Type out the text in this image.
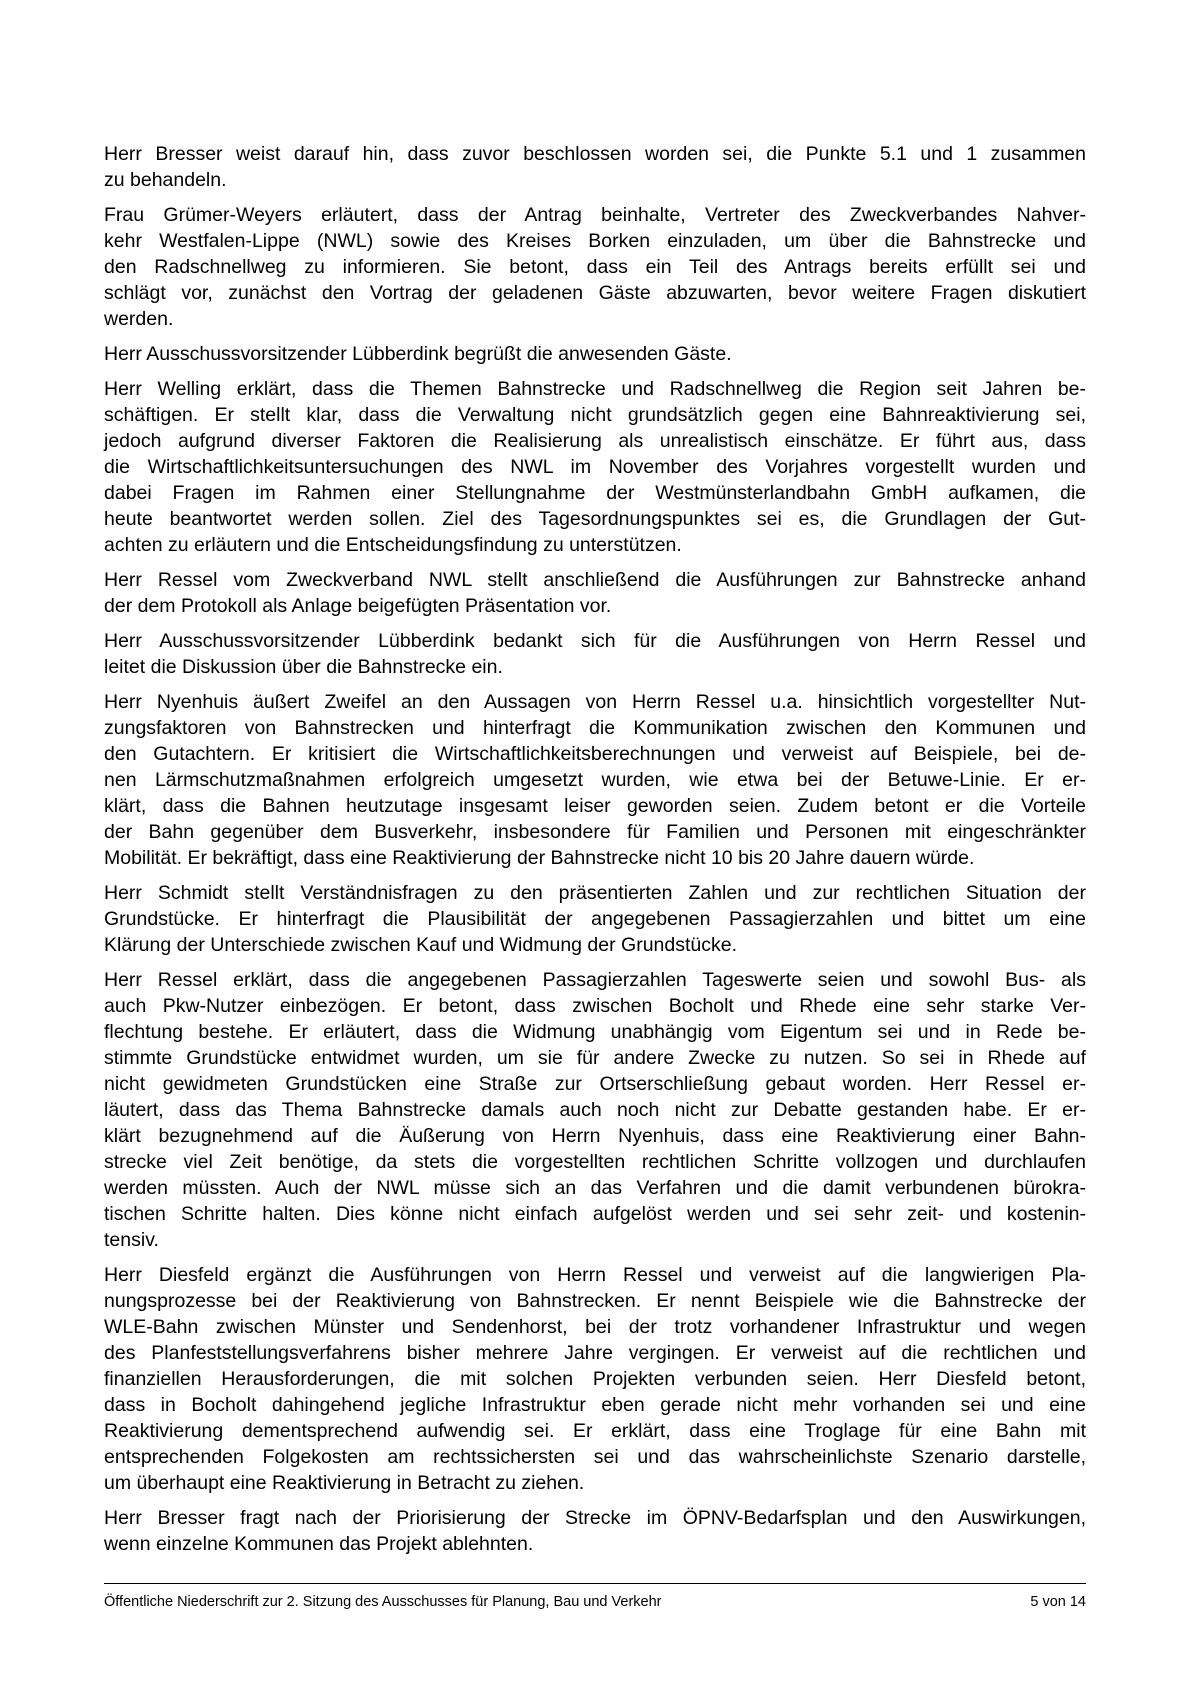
Herr Bresser weist darauf hin, dass zuvor beschlossen worden sei, die Punkte 5.1 und 1 zusammen
zu behandeln.
Frau Grümer-Weyers erläutert, dass der Antrag beinhalte, Vertreter des Zweckverbandes Nahver-
kehr Westfalen-Lippe (NWL) sowie des Kreises Borken einzuladen, um über die Bahnstrecke und
den Radschnellweg zu informieren. Sie betont, dass ein Teil des Antrags bereits erfüllt sei und
schlägt vor, zunächst den Vortrag der geladenen Gäste abzuwarten, bevor weitere Fragen diskutiert
werden.
Herr Ausschussvorsitzender Lübberdink begrüßt die anwesenden Gäste.
Herr Welling erklärt, dass die Themen Bahnstrecke und Radschnellweg die Region seit Jahren be-
schäftigen. Er stellt klar, dass die Verwaltung nicht grundsätzlich gegen eine Bahnreaktivierung sei,
jedoch aufgrund diverser Faktoren die Realisierung als unrealistisch einschätze. Er führt aus, dass
die Wirtschaftlichkeitsuntersuchungen des NWL im November des Vorjahres vorgestellt wurden und
dabei Fragen im Rahmen einer Stellungnahme der Westmünsterlandbahn GmbH aufkamen, die
heute beantwortet werden sollen. Ziel des Tagesordnungspunktes sei es, die Grundlagen der Gut-
achten zu erläutern und die Entscheidungsfindung zu unterstützen.
Herr Ressel vom Zweckverband NWL stellt anschließend die Ausführungen zur Bahnstrecke anhand
der dem Protokoll als Anlage beigefügten Präsentation vor.
Herr Ausschussvorsitzender Lübberdink bedankt sich für die Ausführungen von Herrn Ressel und
leitet die Diskussion über die Bahnstrecke ein.
Herr Nyenhuis äußert Zweifel an den Aussagen von Herrn Ressel u.a. hinsichtlich vorgestellter Nut-
zungsfaktoren von Bahnstrecken und hinterfragt die Kommunikation zwischen den Kommunen und
den Gutachtern. Er kritisiert die Wirtschaftlichkeitsberechnungen und verweist auf Beispiele, bei de-
nen Lärmschutzmaßnahmen erfolgreich umgesetzt wurden, wie etwa bei der Betuwe-Linie. Er er-
klärt, dass die Bahnen heutzutage insgesamt leiser geworden seien. Zudem betont er die Vorteile
der Bahn gegenüber dem Busverkehr, insbesondere für Familien und Personen mit eingeschränkter
Mobilität. Er bekräftigt, dass eine Reaktivierung der Bahnstrecke nicht 10 bis 20 Jahre dauern würde.
Herr Schmidt stellt Verständnisfragen zu den präsentierten Zahlen und zur rechtlichen Situation der
Grundstücke. Er hinterfragt die Plausibilität der angegebenen Passagierzahlen und bittet um eine
Klärung der Unterschiede zwischen Kauf und Widmung der Grundstücke.
Herr Ressel erklärt, dass die angegebenen Passagierzahlen Tageswerte seien und sowohl Bus- als
auch Pkw-Nutzer einbezögen. Er betont, dass zwischen Bocholt und Rhede eine sehr starke Ver-
flechtung bestehe. Er erläutert, dass die Widmung unabhängig vom Eigentum sei und in Rede be-
stimmte Grundstücke entwidmet wurden, um sie für andere Zwecke zu nutzen. So sei in Rhede auf
nicht gewidmeten Grundstücken eine Straße zur Ortserschließung gebaut worden. Herr Ressel er-
läutert, dass das Thema Bahnstrecke damals auch noch nicht zur Debatte gestanden habe. Er er-
klärt bezugnehmend auf die Äußerung von Herrn Nyenhuis, dass eine Reaktivierung einer Bahn-
strecke viel Zeit benötige, da stets die vorgestellten rechtlichen Schritte vollzogen und durchlaufen
werden müssten. Auch der NWL müsse sich an das Verfahren und die damit verbundenen bürokra-
tischen Schritte halten. Dies könne nicht einfach aufgelöst werden und sei sehr zeit- und kostenin-
tensiv.
Herr Diesfeld ergänzt die Ausführungen von Herrn Ressel und verweist auf die langwierigen Pla-
nungsprozesse bei der Reaktivierung von Bahnstrecken. Er nennt Beispiele wie die Bahnstrecke der
WLE-Bahn zwischen Münster und Sendenhorst, bei der trotz vorhandener Infrastruktur und wegen
des Planfeststellungsverfahrens bisher mehrere Jahre vergingen. Er verweist auf die rechtlichen und
finanziellen Herausforderungen, die mit solchen Projekten verbunden seien. Herr Diesfeld betont,
dass in Bocholt dahingehend jegliche Infrastruktur eben gerade nicht mehr vorhanden sei und eine
Reaktivierung dementsprechend aufwendig sei. Er erklärt, dass eine Troglage für eine Bahn mit
entsprechenden Folgekosten am rechtssichersten sei und das wahrscheinlichste Szenario darstelle,
um überhaupt eine Reaktivierung in Betracht zu ziehen.
Herr Bresser fragt nach der Priorisierung der Strecke im ÖPNV-Bedarfsplan und den Auswirkungen,
wenn einzelne Kommunen das Projekt ablehnten.
Öffentliche Niederschrift zur 2. Sitzung des Ausschusses für Planung, Bau und Verkehr	5 von 14
